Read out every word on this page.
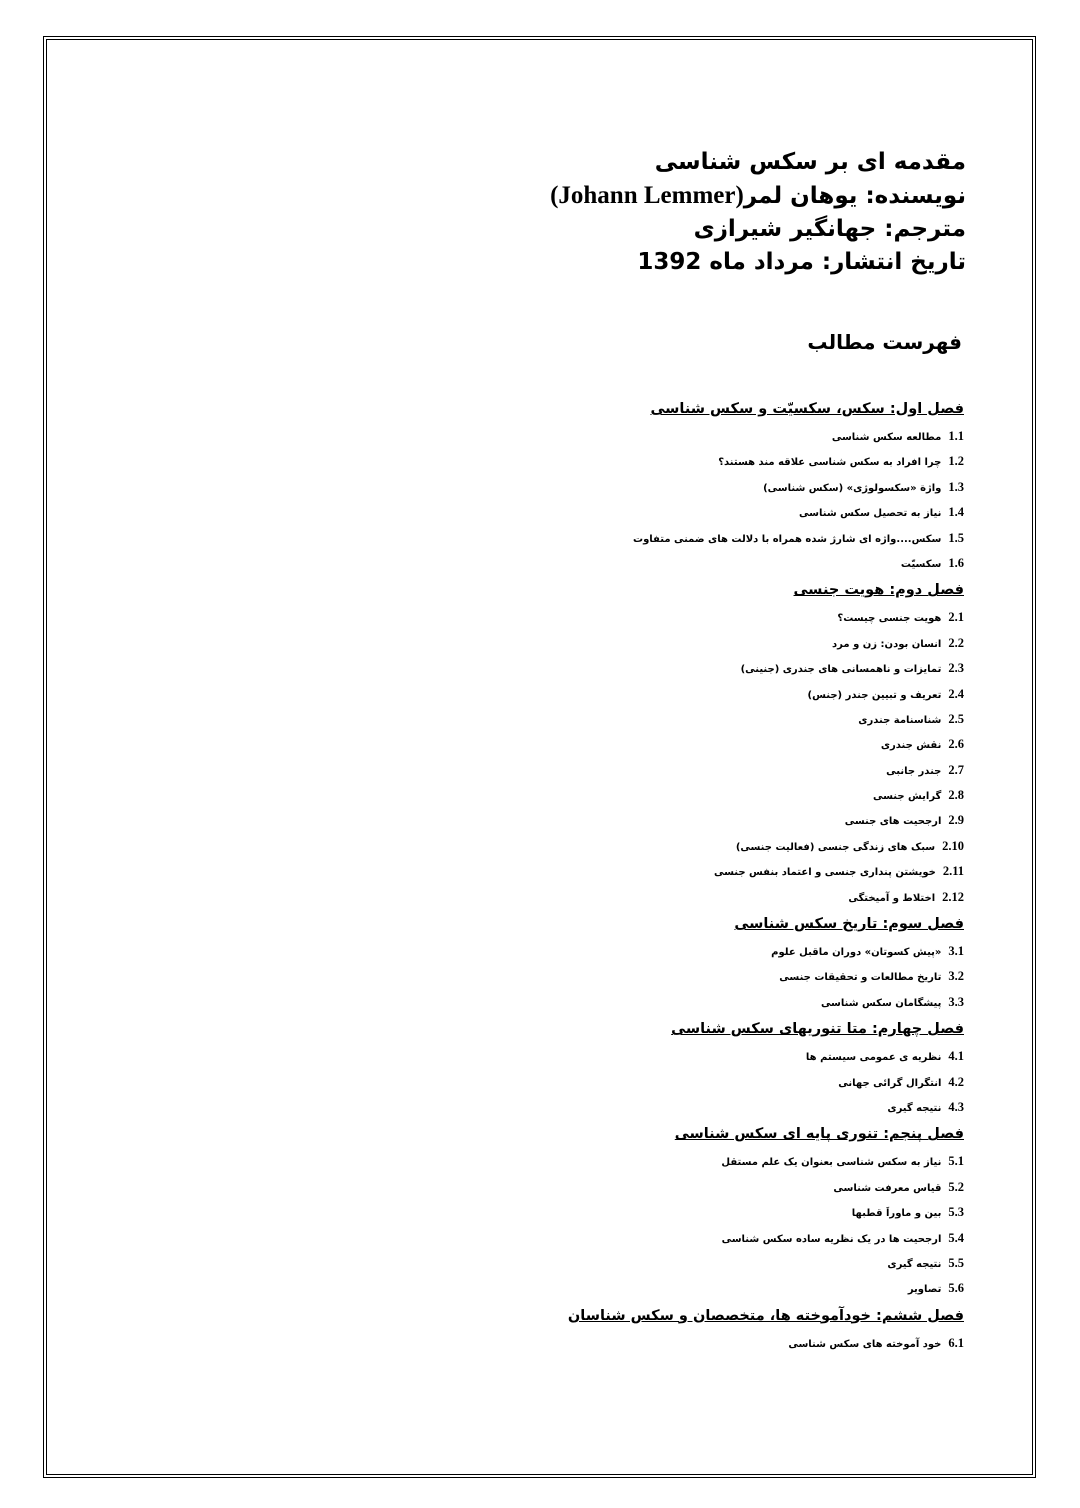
مقدمه ای بر سکس شناسی
نویسنده: یوهان لمر(Johann Lemmer)
مترجم: جهانگیر شیرازی
تاریخ انتشار: مرداد ماه 1392
فهرست مطالب
فصل اول: سکس، سکسیّت و سکس شناسی
1.1مطالعه سکس شناسی
1.2چرا افراد به سکس شناسی علاقه مند هستند؟
1.3واژة «سکسولوژی» (سکس شناسی)
1.4نیاز به تحصیل سکس شناسی
1.5سکس....واژه ای شارژ شده همراه با دلالت های ضمنی متفاوت
1.6سکسیّت
فصل دوم: هویت جنسی
2.1هویت جنسی چیست؟
2.2انسان بودن: زن و مرد
2.3تمایزات و ناهمسانی های جندری (جنینی)
2.4تعریف و تبیین جندر (جنس)
2.5شناسنامة جندری
2.6نقش جندری
2.7جندر جانبی
2.8گرایش جنسی
2.9ارجحیت های جنسی
2.10سبک های زندگی جنسی (فعالیت جنسی)
2.11خویشتن پنداری جنسی و اعتماد بنفس جنسی
2.12اختلاط و آمیختگی
فصل سوم: تاریخ سکس شناسی
3.1«پیش کسوتان» دوران ماقبل علوم
3.2تاریخ مطالعات و تحقیقات جنسی
3.3پیشگامان سکس شناسی
فصل چهارم: متا تنوریهای سکس شناسی
4.1نظریه ی عمومی سیستم ها
4.2انتگرال گرائی جهانی
4.3نتیجه گیری
فصل پنجم: تنوری پایه ای سکس شناسی
5.1نیاز به سکس شناسی بعنوان یک علم مستقل
5.2قیاس معرفت شناسی
5.3بین و ماوراَ قطبها
5.4ارجحیت ها در یک نظریه ساده سکس شناسی
5.5نتیجه گیری
5.6تصاویر
فصل ششم: خودآموخته ها، متخصصان و سکس شناسان
6.1خود آموخته های سکس شناسی
